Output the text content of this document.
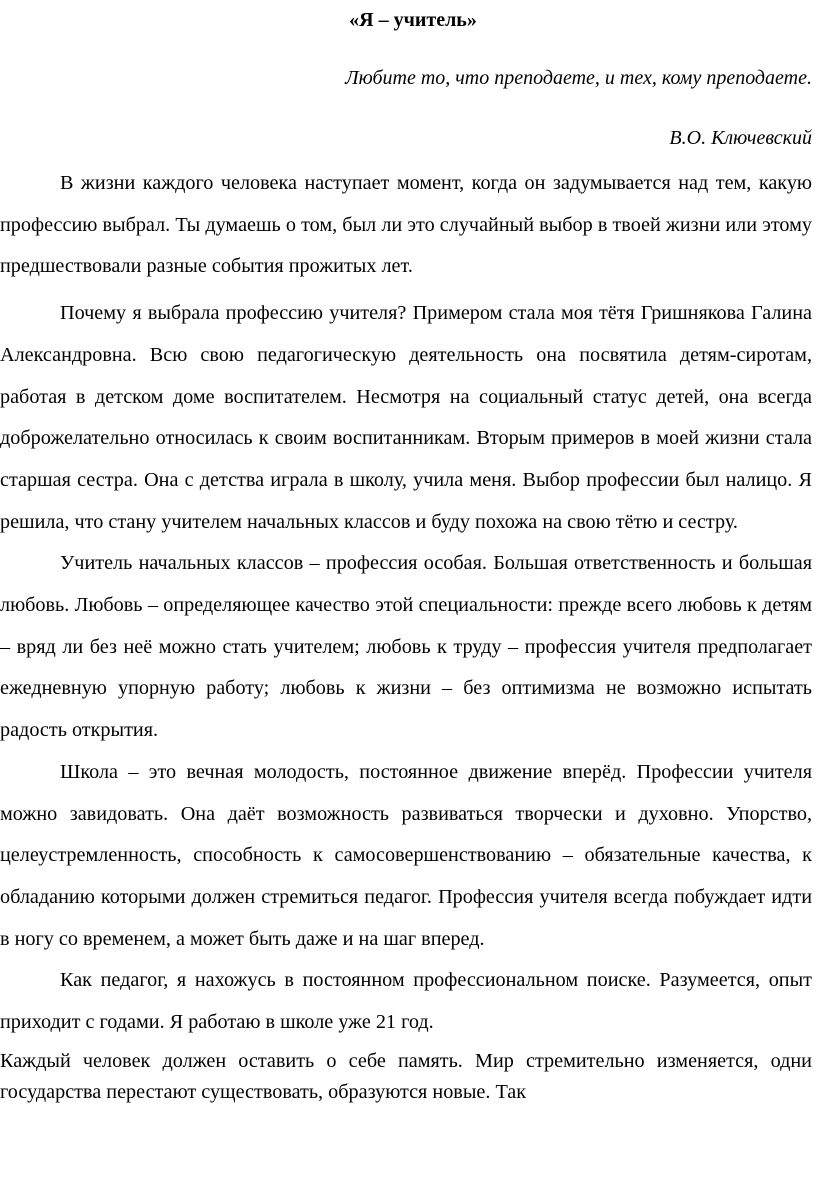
«Я – учитель»
Любите то, что преподаете, и тех, кому преподаете.
В.О. Ключевский

В жизни каждого человека наступает момент, когда он задумывается над тем, какую профессию выбрал. Ты думаешь о том, был ли это случайный выбор в твоей жизни или этому предшествовали разные события прожитых лет.

Почему я выбрала профессию учителя? Примером стала моя тётя Гришнякова Галина Александровна. Всю свою педагогическую деятельность она посвятила детям-сиротам, работая в детском доме воспитателем. Несмотря на социальный статус детей, она всегда доброжелательно относилась к своим воспитанникам. Вторым примеров в моей жизни стала старшая сестра. Она с детства играла в школу, учила меня. Выбор профессии был налицо. Я решила, что стану учителем начальных классов и буду похожа на свою тётю и сестру.

Учитель начальных классов – профессия особая. Большая ответственность и большая любовь. Любовь – определяющее качество этой специальности: прежде всего любовь к детям – вряд ли без неё можно стать учителем; любовь к труду – профессия учителя предполагает ежедневную упорную работу; любовь к жизни – без оптимизма не возможно испытать радость открытия.

Школа – это вечная молодость, постоянное движение вперёд. Профессии учителя можно завидовать. Она даёт возможность развиваться творчески и духовно. Упорство, целеустремленность, способность к самосовершенствованию – обязательные качества, к обладанию которыми должен стремиться педагог. Профессия учителя всегда побуждает идти в ногу со временем, а может быть даже и на шаг вперед.

Как педагог, я нахожусь в постоянном профессиональном поиске. Разумеется, опыт приходит с годами. Я работаю в школе уже 21 год.

Каждый человек должен оставить о себе память. Мир стремительно изменяется, одни государства перестают существовать, образуются новые. Так
